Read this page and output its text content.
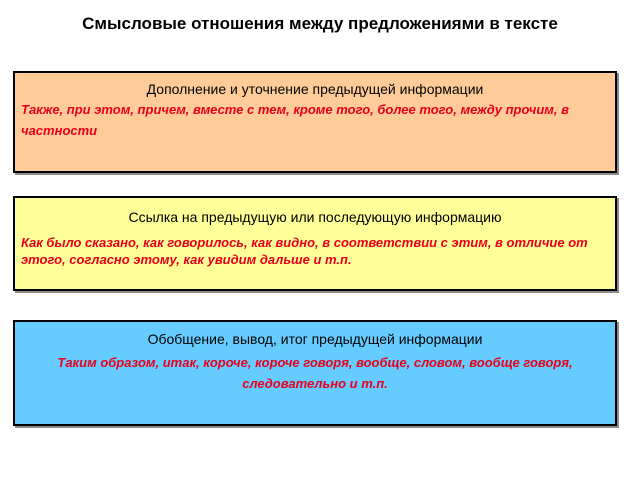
Смысловые отношения между предложениями в тексте
Дополнение и уточнение предыдущей информации
Также, при этом, причем, вместе с тем, кроме того, более того, между прочим, в частности
Ссылка на предыдущую или последующую информацию
Как было сказано, как говорилось, как видно, в соответствии с этим, в отличие от этого, согласно этому, как увидим дальше и т.п.
Обобщение, вывод, итог предыдущей информации
Таким образом, итак, короче, короче говоря, вообще, словом, вообще говоря, следовательно и т.п.
